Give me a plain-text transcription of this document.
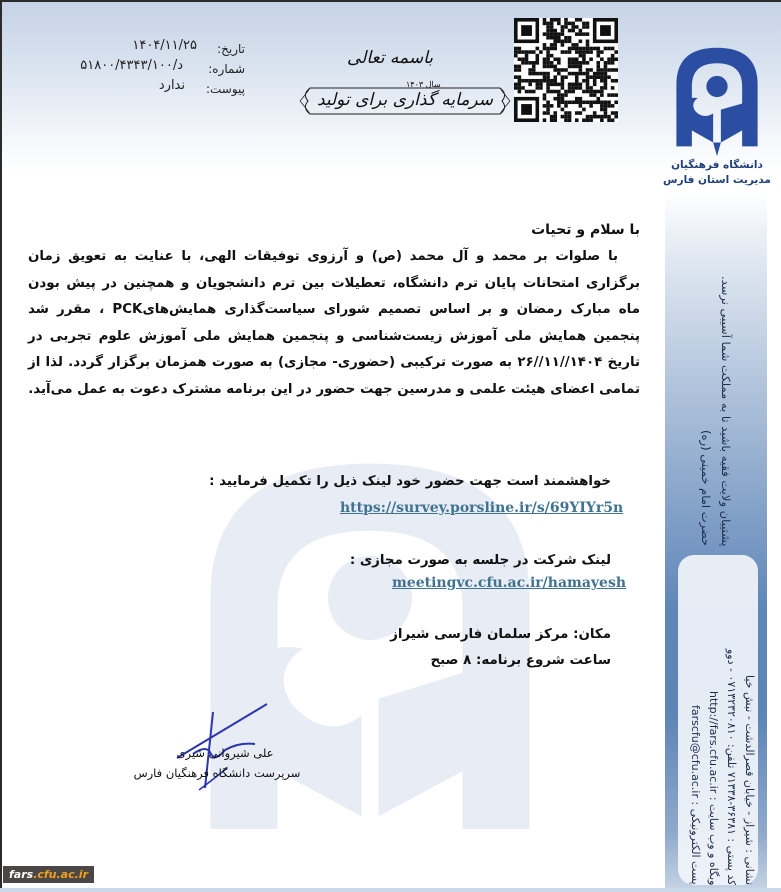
تاریخ:
۱۴۰۴/۱۱/۲۵
شماره:
د/۵۱۸۰۰/۴۳۴۳/۱۰۰
پیوست:
ندارد
باسمه تعالی
سال ۱۴۰۳
سرمایه گذاری برای تولید
دانشگاه فرهنگیان
مدیریت استان فارس
پشتیبان ولایت فقیه باشید تا به مملکت شما آسیبی نرسد.
حضرت امام خمینی (ره)
نشانی : شیراز - خیابان قصرالدشت - نبش خیا
کد پستی : ۳۶۳۸۱-۷۱۳۳۸ تلفن: ۰۷۱۳۲۳۲۰۸۱۰ - دوو
وبگاه و وب سایت : http://fars.cfu.ac.ir
پست الکترونیکی : farscfu@cfu.ac.ir
با سلام و تحیات
با صلوات بر محمد و آل محمد (ص) و آرزوی توفیقات الهی، با عنایت به تعویق زمان برگزاری امتحانات پایان ترم دانشگاه، تعطیلات بین ترم دانشجویان و همچنین در پیش بودن ماه مبارک رمضان و بر اساس تصمیم شورای سیاست‌گذاری همایش‌هایPCK ، مقرر شد پنجمین همایش ملی آموزش زیست‌شناسی و پنجمین همایش ملی آموزش علوم تجربی در تاریخ ۱۴۰۴//۱۱//۲۶ به صورت ترکیبی (حضوری- مجازی) به صورت همزمان برگزار گردد. لذا از تمامی اعضای هیئت علمی و مدرسین جهت حضور در این برنامه مشترک دعوت به عمل می‌آید.
خواهشمند است جهت حضور خود لینک ذیل را تکمیل فرمایید :
https://survey.porsline.ir/s/69YIYr5n
لینک شرکت در جلسه به صورت مجازی :
meetingvc.cfu.ac.ir/hamayesh
مکان: مرکز سلمان فارسی شیراز
ساعت شروع برنامه: ۸ صبح
علی شیروانی شیری
سرپرست دانشگاه فرهنگیان فارس
fars.cfu.ac.ir
